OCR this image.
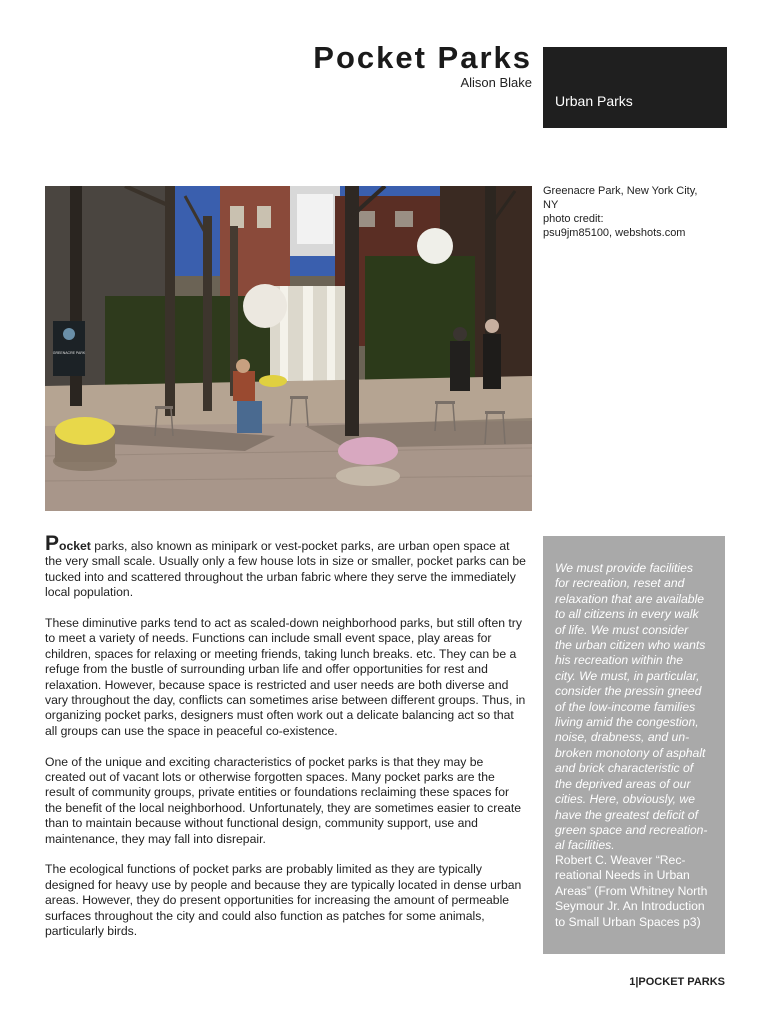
Pocket Parks
Alison Blake
Urban Parks
Greenacre Park, New York City,
NY
photo credit:
psu9jm85100, webshots.com
GREENACRE PARK

Pocket parks, also known as minipark or vest-pocket parks, are urban open space at the very small scale. Usually only a few house lots in size or smaller, pocket parks can be tucked into and scattered throughout the urban fabric where they serve the immediately local population.

These diminutive parks tend to act as scaled-down neighborhood parks, but still often try to meet a variety of needs. Functions can include small event space, play areas for children, spaces for relaxing or meeting friends, taking lunch breaks. etc. They can be a refuge from the bustle of surrounding urban life and offer opportunities for rest and relaxation. However, because space is restricted and user needs are both diverse and vary throughout the day, conflicts can sometimes arise between different groups. Thus, in organizing pocket parks, designers must often work out a delicate balancing act so that all groups can use the space in peaceful co-existence.

One of the unique and exciting characteristics of pocket parks is that they may be created out of vacant lots or otherwise forgotten spaces. Many pocket parks are the result of community groups, private entities or foundations reclaiming these spaces for the benefit of the local neighborhood. Unfortunately, they are sometimes easier to create than to maintain because without functional design, community support, use and maintenance, they may fall into disrepair.

The ecological functions of pocket parks are probably limited as they are typically designed for heavy use by people and because they are typically located in dense urban areas. However, they do present opportunities for increasing the amount of permeable surfaces throughout the city and could also function as patches for some animals, particularly birds.

We must provide facilities
for recreation, reset and
relaxation that are available
to all citizens in every walk
of life. We must consider
the urban citizen who wants
his recreation within the
city. We must, in particular,
consider the pressin gneed
of the low-income families
living amid the congestion,
noise, drabness, and un-
broken monotony of asphalt
and brick characteristic of
the deprived areas of our
cities. Here, obviously, we
have the greatest deficit of
green space and recreation-
al facilities.
Robert C. Weaver “Rec-
reational Needs in Urban
Areas” (From Whitney North
Seymour Jr. An Introduction
to Small Urban Spaces p3)
1|POCKET PARKS
